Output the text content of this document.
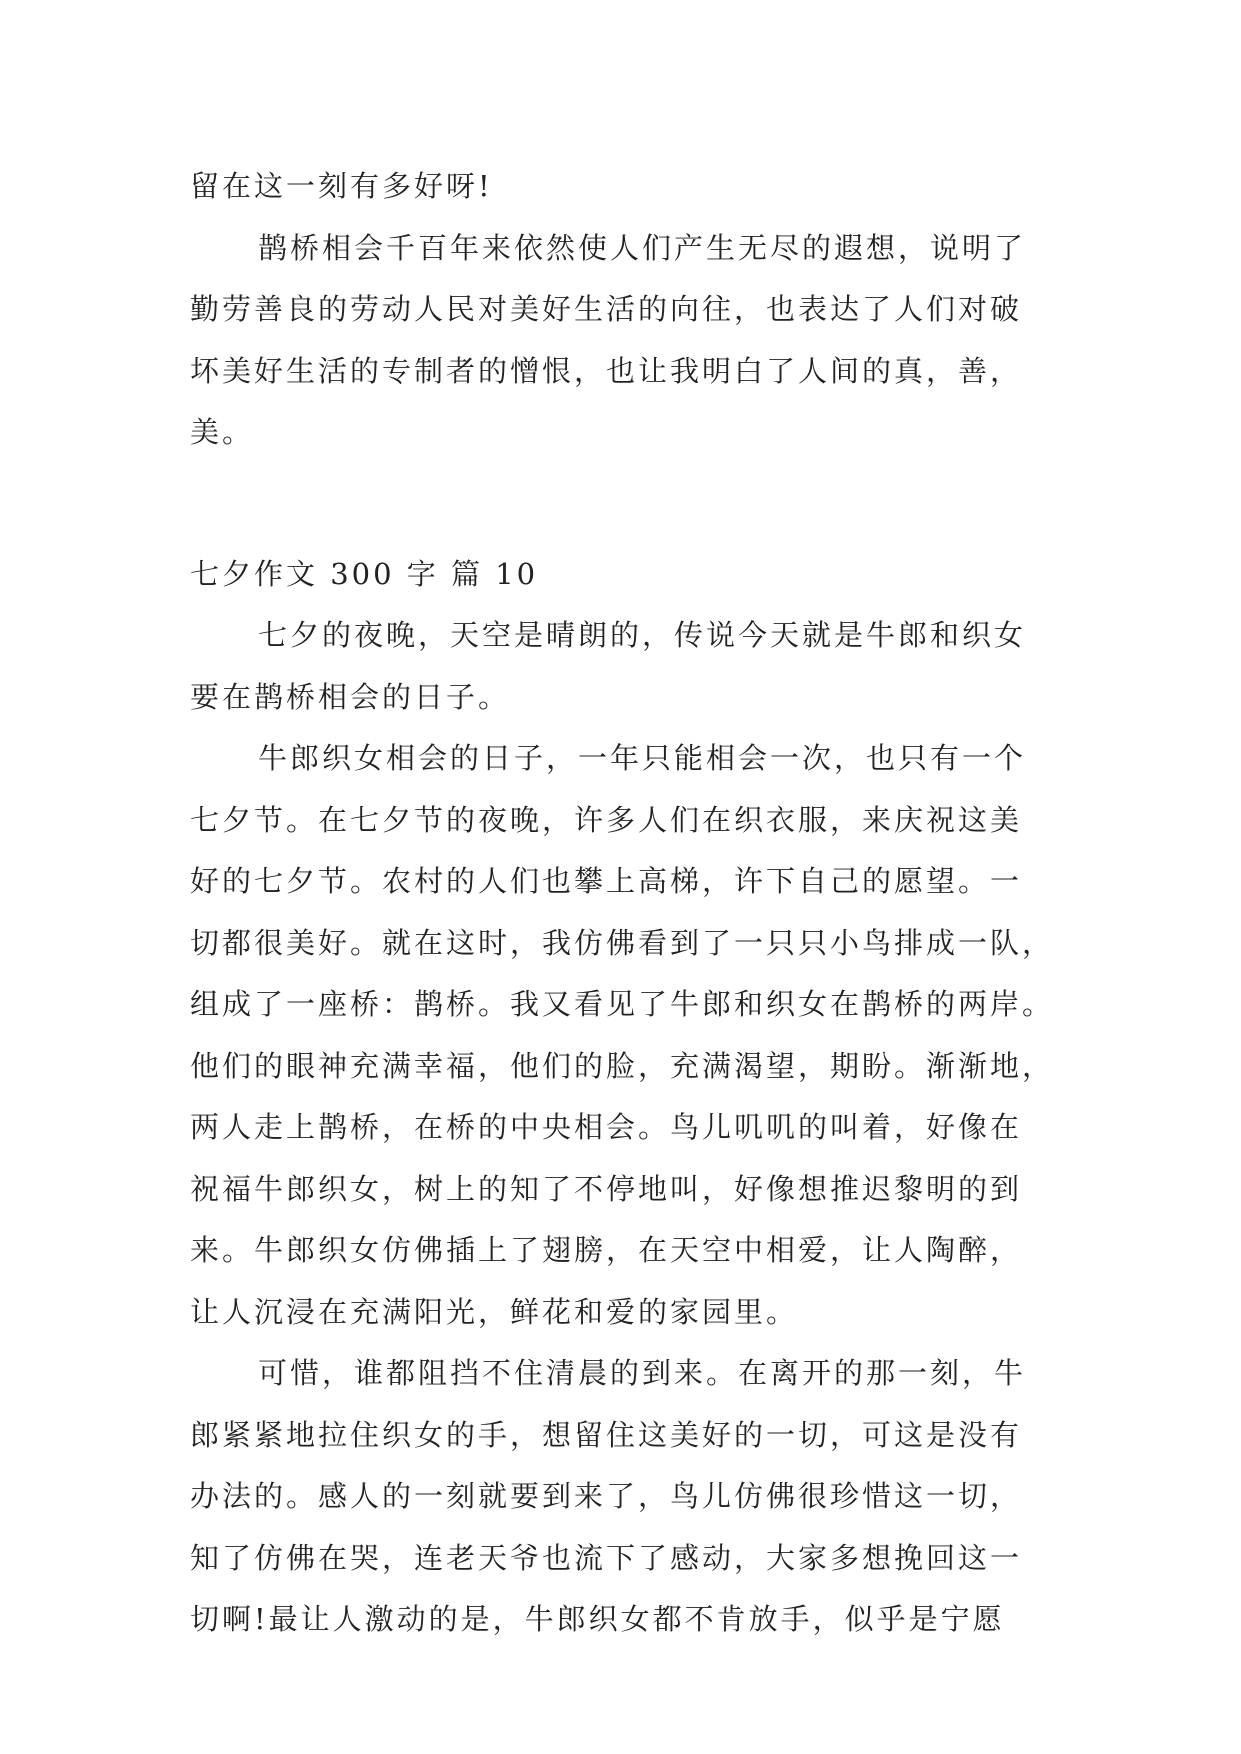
留在这一刻有多好呀!
鹊桥相会千百年来依然使人们产生无尽的遐想，说明了
勤劳善良的劳动人民对美好生活的向往，也表达了人们对破
坏美好生活的专制者的憎恨，也让我明白了人间的真，善，
美。
七夕作文 300 字 篇 10
七夕的夜晚，天空是晴朗的，传说今天就是牛郎和织女
要在鹊桥相会的日子。
牛郎织女相会的日子，一年只能相会一次，也只有一个
七夕节。在七夕节的夜晚，许多人们在织衣服，来庆祝这美
好的七夕节。农村的人们也攀上高梯，许下自己的愿望。一
切都很美好。就在这时，我仿佛看到了一只只小鸟排成一队，
组成了一座桥：鹊桥。我又看见了牛郎和织女在鹊桥的两岸。
他们的眼神充满幸福，他们的脸，充满渴望，期盼。渐渐地，
两人走上鹊桥，在桥的中央相会。鸟儿叽叽的叫着，好像在
祝福牛郎织女，树上的知了不停地叫，好像想推迟黎明的到
来。牛郎织女仿佛插上了翅膀，在天空中相爱，让人陶醉，
让人沉浸在充满阳光，鲜花和爱的家园里。
可惜，谁都阻挡不住清晨的到来。在离开的那一刻，牛
郎紧紧地拉住织女的手，想留住这美好的一切，可这是没有
办法的。感人的一刻就要到来了，鸟儿仿佛很珍惜这一切，
知了仿佛在哭，连老天爷也流下了感动，大家多想挽回这一
切啊!最让人激动的是，牛郎织女都不肯放手，似乎是宁愿
